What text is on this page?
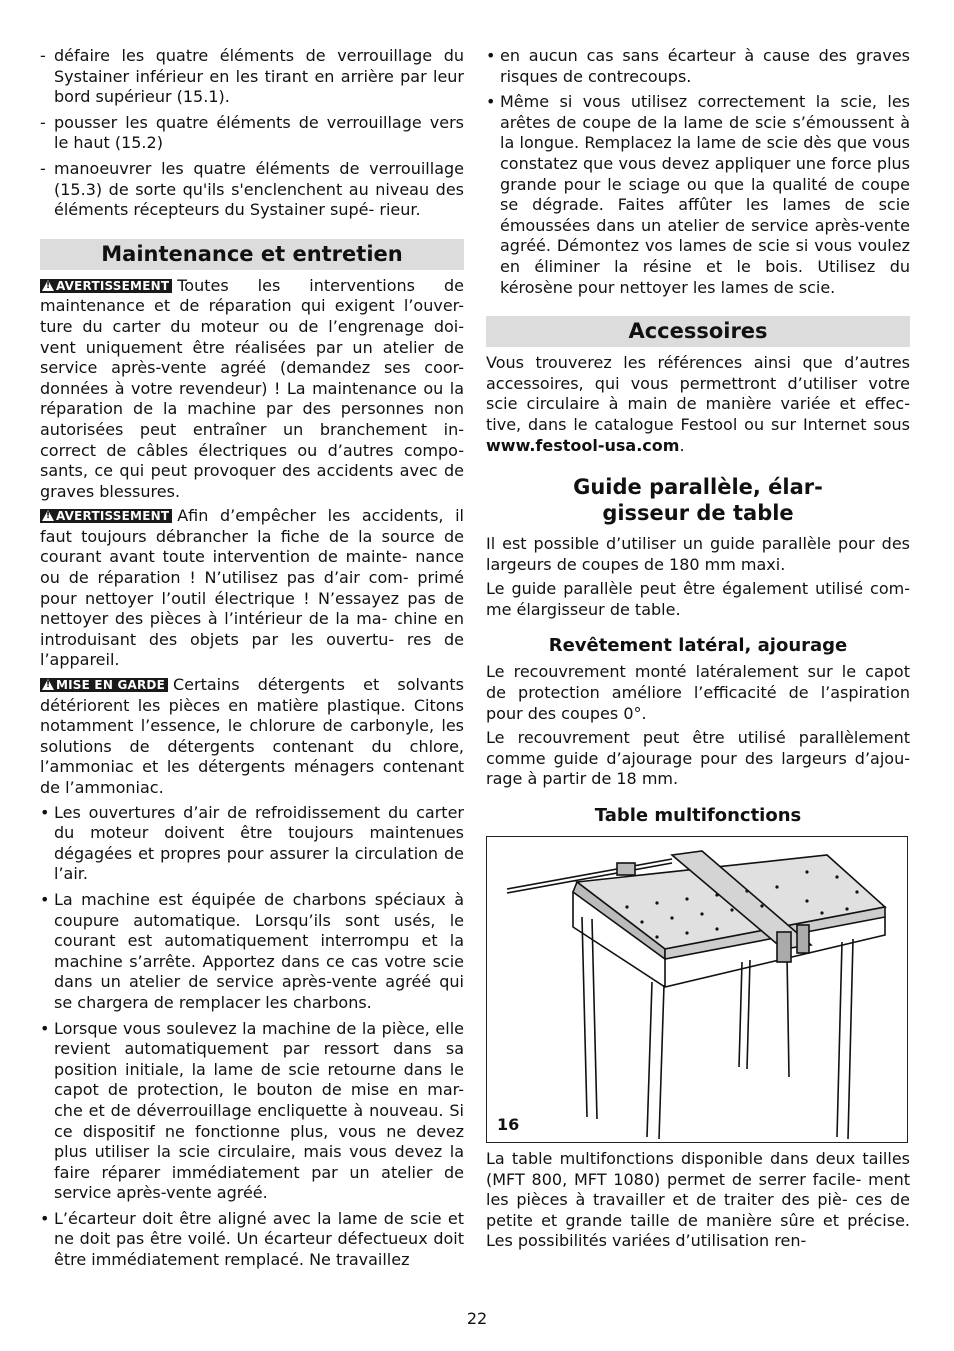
- défaire les quatre éléments de verrouillage du Systainer inférieur en les tirant en arrière par leur bord supérieur (15.1).
- pousser les quatre éléments de verrouillage vers le haut (15.2)
- manoeuvrer les quatre éléments de verrouillage (15.3) de sorte qu'ils s'enclenchent au niveau des éléments récepteurs du Systainer supé- rieur.
Maintenance et entretien

!AVERTISSEMENT Toutes les interventions de maintenance et de réparation qui exigent l’ouver- ture du carter du moteur ou de l’engrenage doi- vent uniquement être réalisées par un atelier de service après-vente agréé (demandez ses coor- données à votre revendeur) ! La maintenance ou la réparation de la machine par des personnes non autorisées peut entraîner un branchement in- correct de câbles électriques ou d’autres compo- sants, ce qui peut provoquer des accidents avec de graves blessures.

!AVERTISSEMENT Afin d’empêcher les accidents, il faut toujours débrancher la fiche de la source de courant avant toute intervention de mainte- nance ou de réparation ! N’utilisez pas d’air com- primé pour nettoyer l’outil électrique ! N’essayez pas de nettoyer des pièces à l’intérieur de la ma- chine en introduisant des objets par les ouvertu- res de l’appareil.

!MISE EN GARDE Certains détergents et solvants détériorent les pièces en matière plastique. Citons notamment l’essence, le chlorure de carbonyle, les solutions de détergents contenant du chlore, l’ammoniac et les détergents ménagers contenant de l’ammoniac.

• Les ouvertures d’air de refroidissement du carter du moteur doivent être toujours maintenues dégagées et propres pour assurer la circulation de l’air.
• La machine est équipée de charbons spéciaux à coupure automatique. Lorsqu’ils sont usés, le courant est automatiquement interrompu et la machine s’arrête. Apportez dans ce cas votre scie dans un atelier de service après-vente agréé qui se chargera de remplacer les charbons.
• Lorsque vous soulevez la machine de la pièce, elle revient automatiquement par ressort dans sa position initiale, la lame de scie retourne dans le capot de protection, le bouton de mise en mar- che et de déverrouillage encliquette à nouveau. Si ce dispositif ne fonctionne plus, vous ne devez plus utiliser la scie circulaire, mais vous devez la faire réparer immédiatement par un atelier de service après-vente agréé.
• L’écarteur doit être aligné avec la lame de scie et ne doit pas être voilé. Un écarteur défectueux doit être immédiatement remplacé. Ne travaillez
• en aucun cas sans écarteur à cause des graves risques de contrecoups.
• Même si vous utilisez correctement la scie, les arêtes de coupe de la lame de scie s’émoussent à la longue. Remplacez la lame de scie dès que vous constatez que vous devez appliquer une force plus grande pour le sciage ou que la qualité de coupe se dégrade. Faites affûter les lames de scie émoussées dans un atelier de service après-vente agréé. Démontez vos lames de scie si vous voulez en éliminer la résine et le bois. Utilisez du kérosène pour nettoyer les lames de scie.
Accessoires

Vous trouverez les références ainsi que d’autres accessoires, qui vous permettront d’utiliser votre scie circulaire à main de manière variée et effec- tive, dans le catalogue Festool ou sur Internet sous www.festool-usa.com.

Guide parallèle, élar-
gisseur de table

Il est possible d’utiliser un guide parallèle pour des largeurs de coupes de 180 mm maxi.

Le guide parallèle peut être également utilisé com- me élargisseur de table.

Revêtement latéral, ajourage

Le recouvrement monté latéralement sur le capot de protection améliore l’efficacité de l’aspiration pour des coupes 0°.

Le recouvrement peut être utilisé parallèlement comme guide d’ajourage pour des largeurs d’ajou- rage à partir de 18 mm.

Table multifonctions
16

La table multifonctions disponible dans deux tailles (MFT 800, MFT 1080) permet de serrer facile- ment les pièces à travailler et de traiter des piè- ces de petite et grande taille de manière sûre et précise. Les possibilités variées d’utilisation ren-

22
